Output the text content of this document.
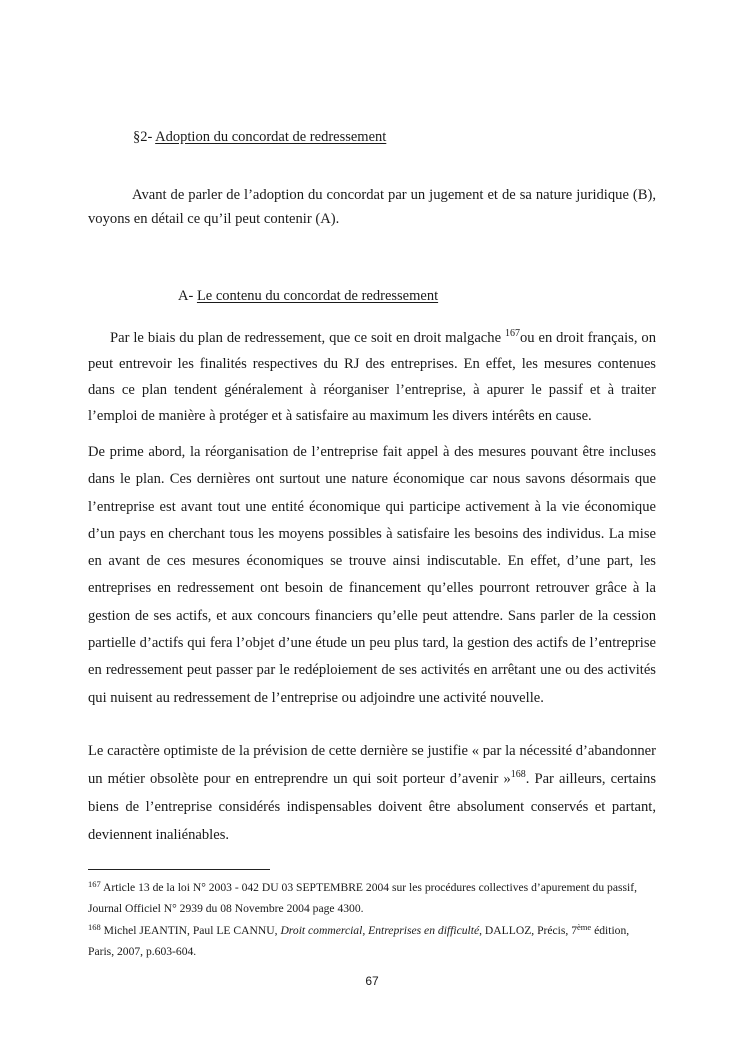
§2- Adoption du concordat de redressement

Avant de parler de l’adoption du concordat par un jugement et de sa nature juridique (B), voyons en détail ce qu’il peut contenir (A).

A- Le contenu du concordat de redressement

Par le biais du plan de redressement, que ce soit en droit malgache $^{167}$ou en droit français, on peut entrevoir les finalités respectives du RJ des entreprises. En effet, les mesures contenues dans ce plan tendent généralement à réorganiser l’entreprise, à apurer le passif et à traiter l’emploi de manière à protéger et à satisfaire au maximum les divers intérêts en cause.

De prime abord, la réorganisation de l’entreprise fait appel à des mesures pouvant être incluses dans le plan. Ces dernières ont surtout une nature économique car nous savons désormais que l’entreprise est avant tout une entité économique qui participe activement à la vie économique d’un pays en cherchant tous les moyens possibles à satisfaire les besoins des individus. La mise en avant de ces mesures économiques se trouve ainsi indiscutable. En effet, d’une part, les entreprises en redressement ont besoin de financement qu’elles pourront retrouver grâce à la gestion de ses actifs, et aux concours financiers qu’elle peut attendre. Sans parler de la cession partielle d’actifs qui fera l’objet d’une étude un peu plus tard, la gestion des actifs de l’entreprise en redressement peut passer par le redéploiement de ses activités en arrêtant une ou des activités qui nuisent au redressement de l’entreprise ou adjoindre une activité nouvelle.

Le caractère optimiste de la prévision de cette dernière se justifie « par la nécessité d’abandonner un métier obsolète pour en entreprendre un qui soit porteur d’avenir »$^{168}$. Par ailleurs, certains biens de l’entreprise considérés indispensables doivent être absolument conservés et partant, deviennent inaliénables.

$^{167}$ Article 13 de la loi N° 2003 - 042 DU 03 SEPTEMBRE 2004 sur les procédures collectives d’apurement du passif, Journal Officiel N° 2939 du 08 Novembre 2004 page 4300.

$^{168}$ Michel JEANTIN, Paul LE CANNU, Droit commercial, Entreprises en difficulté, DALLOZ, Précis, 7ème édition, Paris, 2007, p.603-604.

67
